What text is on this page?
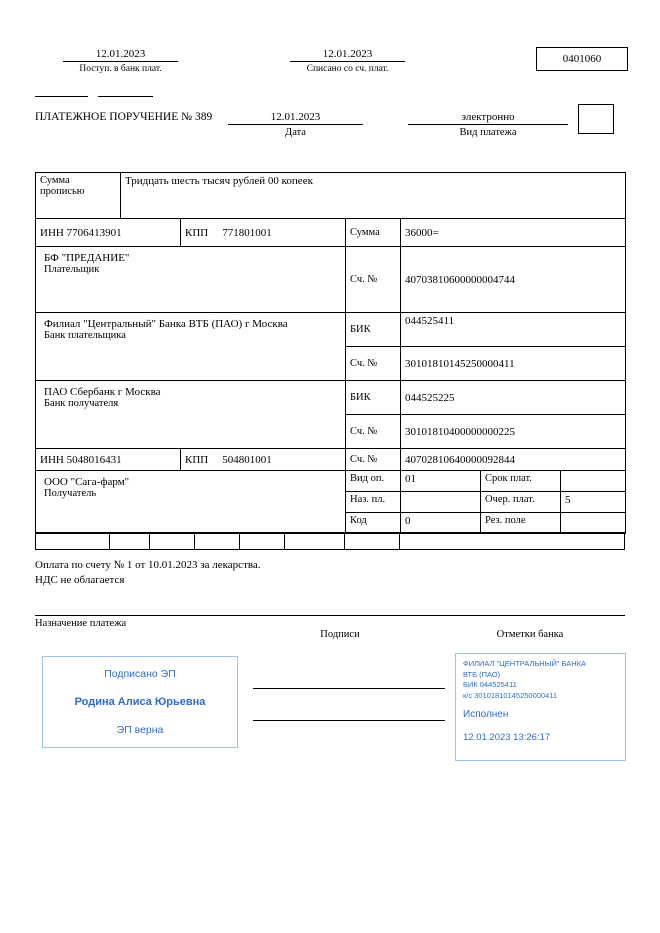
12.01.2023
Поступ. в банк плат.
12.01.2023
Списано со сч. плат.
0401060
ПЛАТЕЖНОЕ ПОРУЧЕНИЕ № 389	12.01.2023
Дата
электронно
Вид платежа
Сумма прописью	Тридцать шесть тысяч рублей 00 копеек					
ИНН 7706413901		КПП 771801001	Сумма	36000=		

БФ "ПРЕДАНИЕ"
Плательщик			Сч. №	40703810600000004744		

Филиал "Центральный" Банка ВТБ (ПАО) г Москва
Банк плательщика			БИК	044525411		
			Сч. №	30101810145250000411		

ПАО Сбербанк г Москва
Банк получателя			БИК	044525225		
			Сч. №	30101810400000000225		
ИНН 5048016431		КПП 504801001	Сч. №	40702810640000092844		

ООО "Сага-фарм"
Получатель			Вид оп.	01	Срок плат.	
			Наз. пл.		Очер. плат.	5
			Код	0	Рез. поле	
Оплата по счету № 1 от 10.01.2023 за лекарства.
НДС не облагается
Назначение платежа
Подписи	Отметки банка
Подписано ЭП
Родина Алиса Юрьевна
ЭП верна
ФИЛИАЛ "ЦЕНТРАЛЬНЫЙ" БАНКА
ВТБ (ПАО)
БИК 044525411
к/с 30101810145250000411
Исполнен
12.01.2023 13:26:17
